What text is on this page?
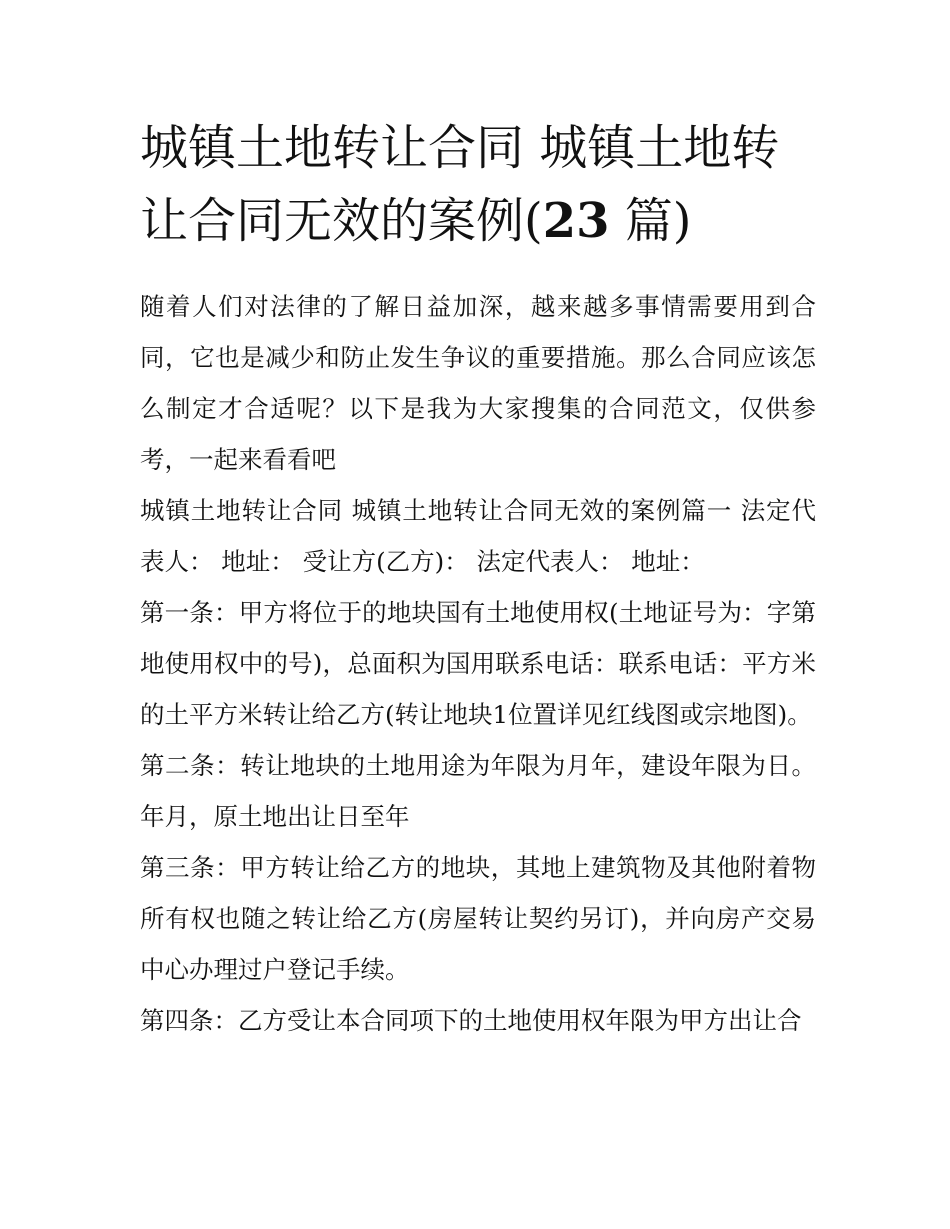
城镇土地转让合同 城镇土地转让合同无效的案例(23 篇)

随着人们对法律的了解日益加深，越来越多事情需要用到合同，它也是减少和防止发生争议的重要措施。那么合同应该怎么制定才合适呢？以下是我为大家搜集的合同范文，仅供参考，一起来看看吧

城镇土地转让合同 城镇土地转让合同无效的案例篇一 法定代表人： 地址： 受让方(乙方)： 法定代表人： 地址：

第一条：甲方将位于的地块国有土地使用权(土地证号为：字第地使用权中的号)，总面积为国用联系电话：联系电话：平方米的土平方米转让给乙方(转让地块1位置详见红线图或宗地图)。

第二条：转让地块的土地用途为年限为月年，建设年限为日。年月，原土地出让日至年

第三条：甲方转让给乙方的地块，其地上建筑物及其他附着物所有权也随之转让给乙方(房屋转让契约另订)，并向房产交易中心办理过户登记手续。

第四条：乙方受让本合同项下的土地使用权年限为甲方出让合
